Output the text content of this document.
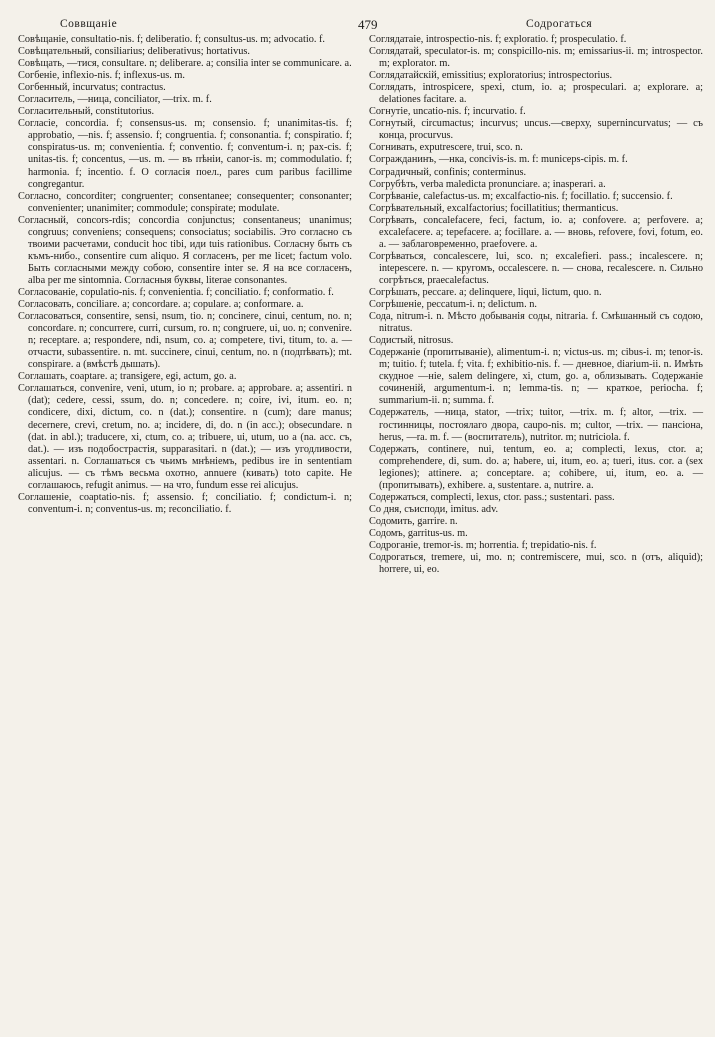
Соввщаніе	479	Содрогаться

Совѣщаніе, consultatio-nis. f; deliberatio. f; consultus-us. m; advocatio. f.

Совѣщательный, consiliarius; deliberativus; hortativus.

Совѣщать, —тися, consultare. n; deliberare. a; consilia inter se communicare. a.

Согбеніе, inflexio-nis. f; inflexus-us. m.

Согбенный, incurvatus; contractus.

Согласитель, —ница, conciliator, —trix. m. f.

Согласительный, constitutorius.

Согласіе, concordia. f; consensus-us. m; consensio. f; unanimitas-tis. f; approbatio, —nis. f; assensio. f; congruentia. f; consonantia. f; conspiratio. f; conspiratus-us. m; convenientia. f; conventio. f; conventum-i. n; pax-cis. f; unitas-tis. f; concentus, —us. m. — въ пѣніи, canor-is. m; commodulatio. f; harmonia. f; incentio. f. О согласія поел., pares cum paribus facillime congregantur.

Согласно, concorditer; congruenter; consentanee; consequenter; consonanter; convenienter; unanimiter; commodule; conspirate; modulate.

Согласный, concors-rdis; concordia conjunctus; consentaneus; unanimus; congruus; conveniens; consequens; consociatus; sociabilis. Это согласно съ твоими расчетами, conducit hoc tibi, иди tuis rationibus. Согласну быть съ къмъ-нибо., consentire cum aliquo. Я согласенъ, per me licet; factum volo. Быть согласными между собою, consentire inter se. Я на все согласенъ, alba per me sintomnia. Согласныя буквы, literae consonantes.

Согласованіе, copulatio-nis. f; convenientia. f; conciliatio. f; conformatio. f.

Согласовать, conciliare. a; concordare. a; copulare. a; conformare. a.

Согласоваться, consentire, sensi, nsum, tio. n; concinere, cinui, centum, no. n; concordare. n; concurrere, curri, cursum, ro. n; congruere, ui, uo. n; convenire. n; receptare. a; respondere, ndi, nsum, co. a; competere, tivi, titum, to. a. — отчасти, subassentire. n. mt. succinere, cinui, centum, no. n (подпѣвать); mt. conspirare. a (вмѣстѣ дышать).

Соглашать, coaptare. a; transigere, egi, actum, go. a.

Соглашаться, convenire, veni, utum, io n; probare. a; approbare. a; assentiri. n (dat); cedere, cessi, ssum, do. n; concedere. n; coire, ivi, itum. eo. n; condicere, dixi, dictum, co. n (dat.); consentire. n (cum); dare manus; decernere, crevi, cretum, no. a; incidere, di, do. n (in acc.); obsecundare. n (dat. in abl.); traducere, xi, ctum, co. a; tribuere, ui, utum, uo a (na. acc. съ, dat.). — изъ подобострастія, supparasitari. n (dat.); — изъ угодливости, assentari. n. Соглашаться съ чьимъ мнѣніемъ, pedibus ire in sententiam alicujus. — съ тѣмъ весьма охотно, annuere (кивать) toto capite. Не соглашаюсь, refugit animus. — на что, fundum esse rei alicujus.

Соглашеніе, coaptatio-nis. f; assensio. f; conciliatio. f; condictum-i. n; conventum-i. n; conventus-us. m; reconciliatio. f.

Соглядатаіе, introspectio-nis. f; exploratio. f; prospeculatio. f.

Соглядатай, speculator-is. m; conspicillo-nis. m; emissarius-ii. m; introspector. m; explorator. m.

Соглядатайскій, emissitius; exploratorius; introspectorius.

Соглядать, introspicere, spexi, ctum, io. a; prospeculari. a; explorare. a; delationes facitare. a.

Согнутіе, uncatio-nis. f; incurvatio. f.

Согнутый, circumactus; incurvus; uncus.—сверху, supernincurvatus; — съ конца, procurvus.

Согнивать, exputrescere, trui, sco. n.

Согражданинъ, —нка, concivis-is. m. f: municeps-cipis. m. f.

Соградичный, confinis; conterminus.

Согрубѣть, verba maledicta pronunciare. a; inasperari. a.

Согрѣваніе, calefactus-us. m; excalfactio-nis. f; focillatio. f; succensio. f.

Согрѣвательный, excalfactorius; focillatitius; thermanticus.

Согрѣвать, concalefacere, feci, factum, io. a; confovere. a; perfovere. a; excalefacere. a; tepefacere. a; focillare. a. — вновь, refovere, fovi, fotum, eo. a. — заблаговременно, praefovere. a.

Согрѣваться, concalescere, lui, sco. n; excalefieri. pass.; incalescere. n; intepescere. n. — кругомъ, occalescere. n. — снова, recalescere. n. Сильно согрѣться, praecalefactus.

Согрѣшать, peccare. a; delinquere, liqui, lictum, quo. n.

Согрѣшеніе, peccatum-i. n; delictum. n.

Сода, nitrum-i. n. Мѣсто добыванія соды, nitraria. f. Смѣшанный съ содою, nitratus.

Содистый, nitrosus.

Содержаніе (пропитываніе), alimentum-i. n; victus-us. m; cibus-i. m; tenor-is. m; tuitio. f; tutela. f; vita. f; exhibitio-nis. f. — дневное, diarium-ii. n. Имѣть скудное —ніе, salem delingere, xi, ctum, go. a, облизывать. Содержаніе сочиненій, argumentum-i. n; lemma-tis. n; — краткое, periocha. f; summarium-ii. n; summa. f.

Содержатель, —ница, stator, —trix; tuitor, —trix. m. f; altor, —trix. — гостинницы, постоялаго двора, caupo-nis. m; cultor, —trix. — пансіона, herus, —ra. m. f. — (воспитатель), nutritor. m; nutriciola. f.

Содержать, continere, nui, tentum, eo. a; complecti, lexus, ctor. a; comprehendere, di, sum. do. a; habere, ui, itum, eo. a; tueri, itus. cor. a (sex legiones); attinere. a; conceptare. a; cohibere, ui, itum, eo. a. — (пропитывать), exhibere. a, sustentare. a, nutrire. a.

Содержаться, complecti, lexus, ctor. pass.; sustentari. pass.

Со дня, съисподи, imitus. adv.

Содомить, garrire. n.

Содомъ, garritus-us. m.

Содроганіе, tremor-is. m; horrentia. f; trepidatio-nis. f.

Содрогаться, tremere, ui, mo. n; contremiscere, mui, sco. n (отъ, aliquid); horrere, ui, eo.
